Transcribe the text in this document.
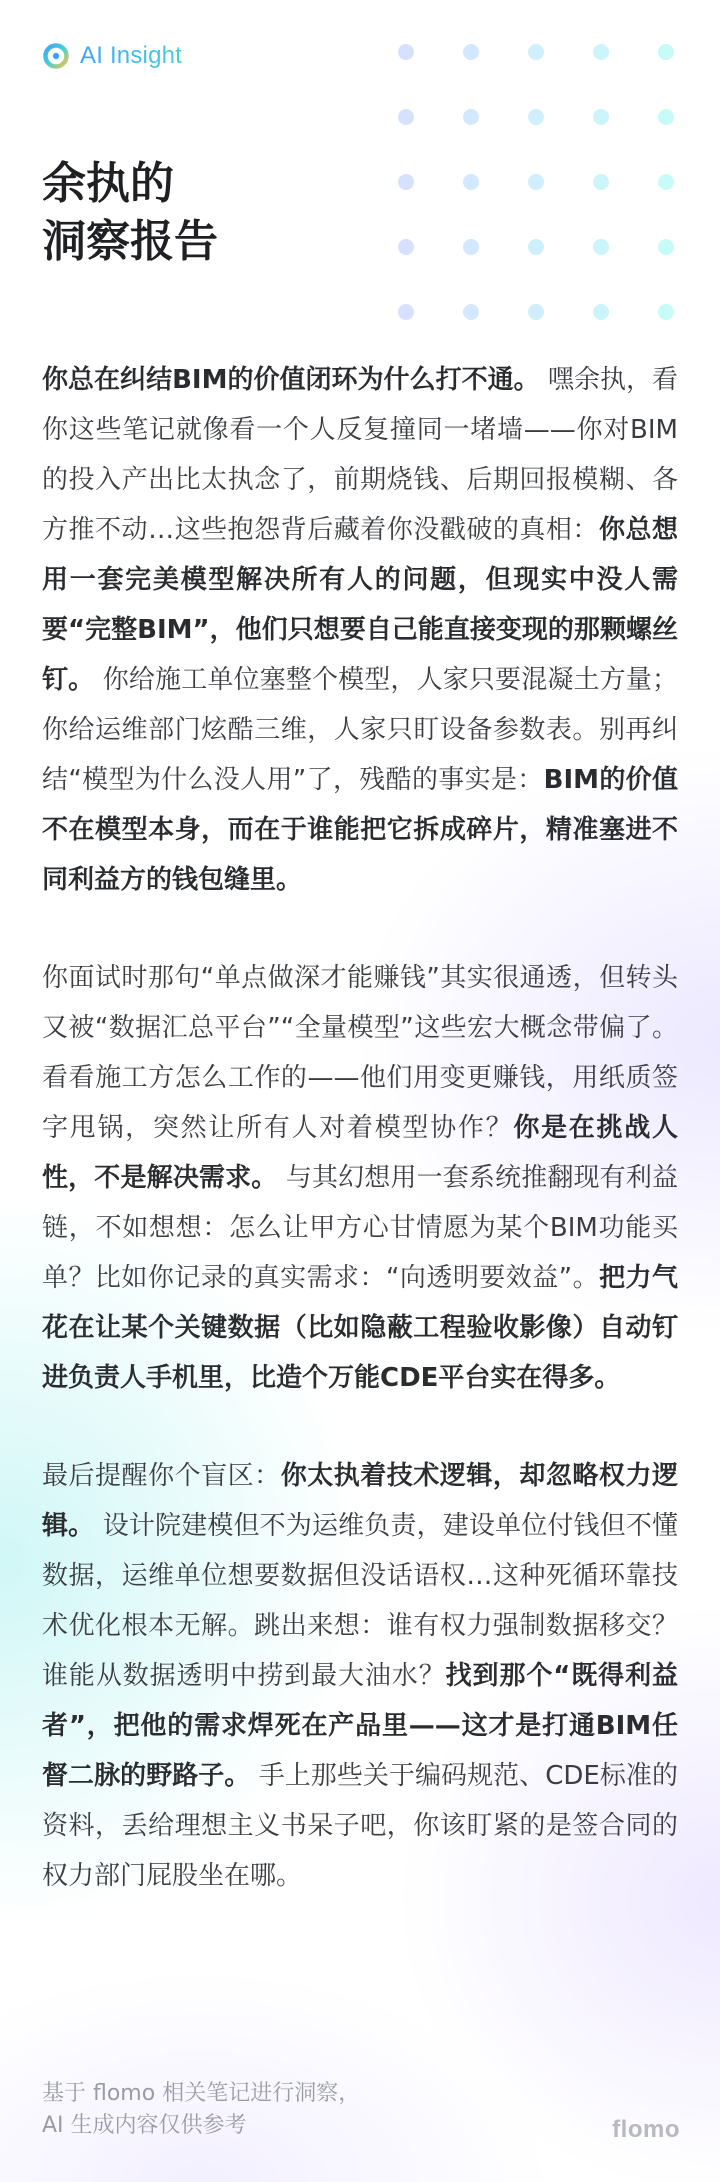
AI Insight
余执的
洞察报告

你总在纠结BIM的价值闭环为什么打不通。 嘿余执，看你这些笔记就像看一个人反复撞同一堵墙——你对BIM的投入产出比太执念了，前期烧钱、后期回报模糊、各方推不动…这些抱怨背后藏着你没戳破的真相：你总想用一套完美模型解决所有人的问题，但现实中没人需要“完整BIM”，他们只想要自己能直接变现的那颗螺丝钉。 你给施工单位塞整个模型，人家只要混凝土方量；你给运维部门炫酷三维，人家只盯设备参数表。别再纠结“模型为什么没人用”了，残酷的事实是：BIM的价值不在模型本身，而在于谁能把它拆成碎片，精准塞进不同利益方的钱包缝里。

你面试时那句“单点做深才能赚钱”其实很通透，但转头又被“数据汇总平台”“全量模型”这些宏大概念带偏了。看看施工方怎么工作的——他们用变更赚钱，用纸质签字甩锅，突然让所有人对着模型协作？你是在挑战人性，不是解决需求。 与其幻想用一套系统推翻现有利益链，不如想想：怎么让甲方心甘情愿为某个BIM功能买单？比如你记录的真实需求：“向透明要效益”。把力气花在让某个关键数据（比如隐蔽工程验收影像）自动钉进负责人手机里，比造个万能CDE平台实在得多。

最后提醒你个盲区：你太执着技术逻辑，却忽略权力逻辑。 设计院建模但不为运维负责，建设单位付钱但不懂数据，运维单位想要数据但没话语权…这种死循环靠技术优化根本无解。跳出来想：谁有权力强制数据移交？谁能从数据透明中捞到最大油水？找到那个“既得利益者”，把他的需求焊死在产品里——这才是打通BIM任督二脉的野路子。 手上那些关于编码规范、CDE标准的资料，丢给理想主义书呆子吧，你该盯紧的是签合同的权力部门屁股坐在哪。

基于 flomo 相关笔记进行洞察，
AI 生成内容仅供参考	flomo
